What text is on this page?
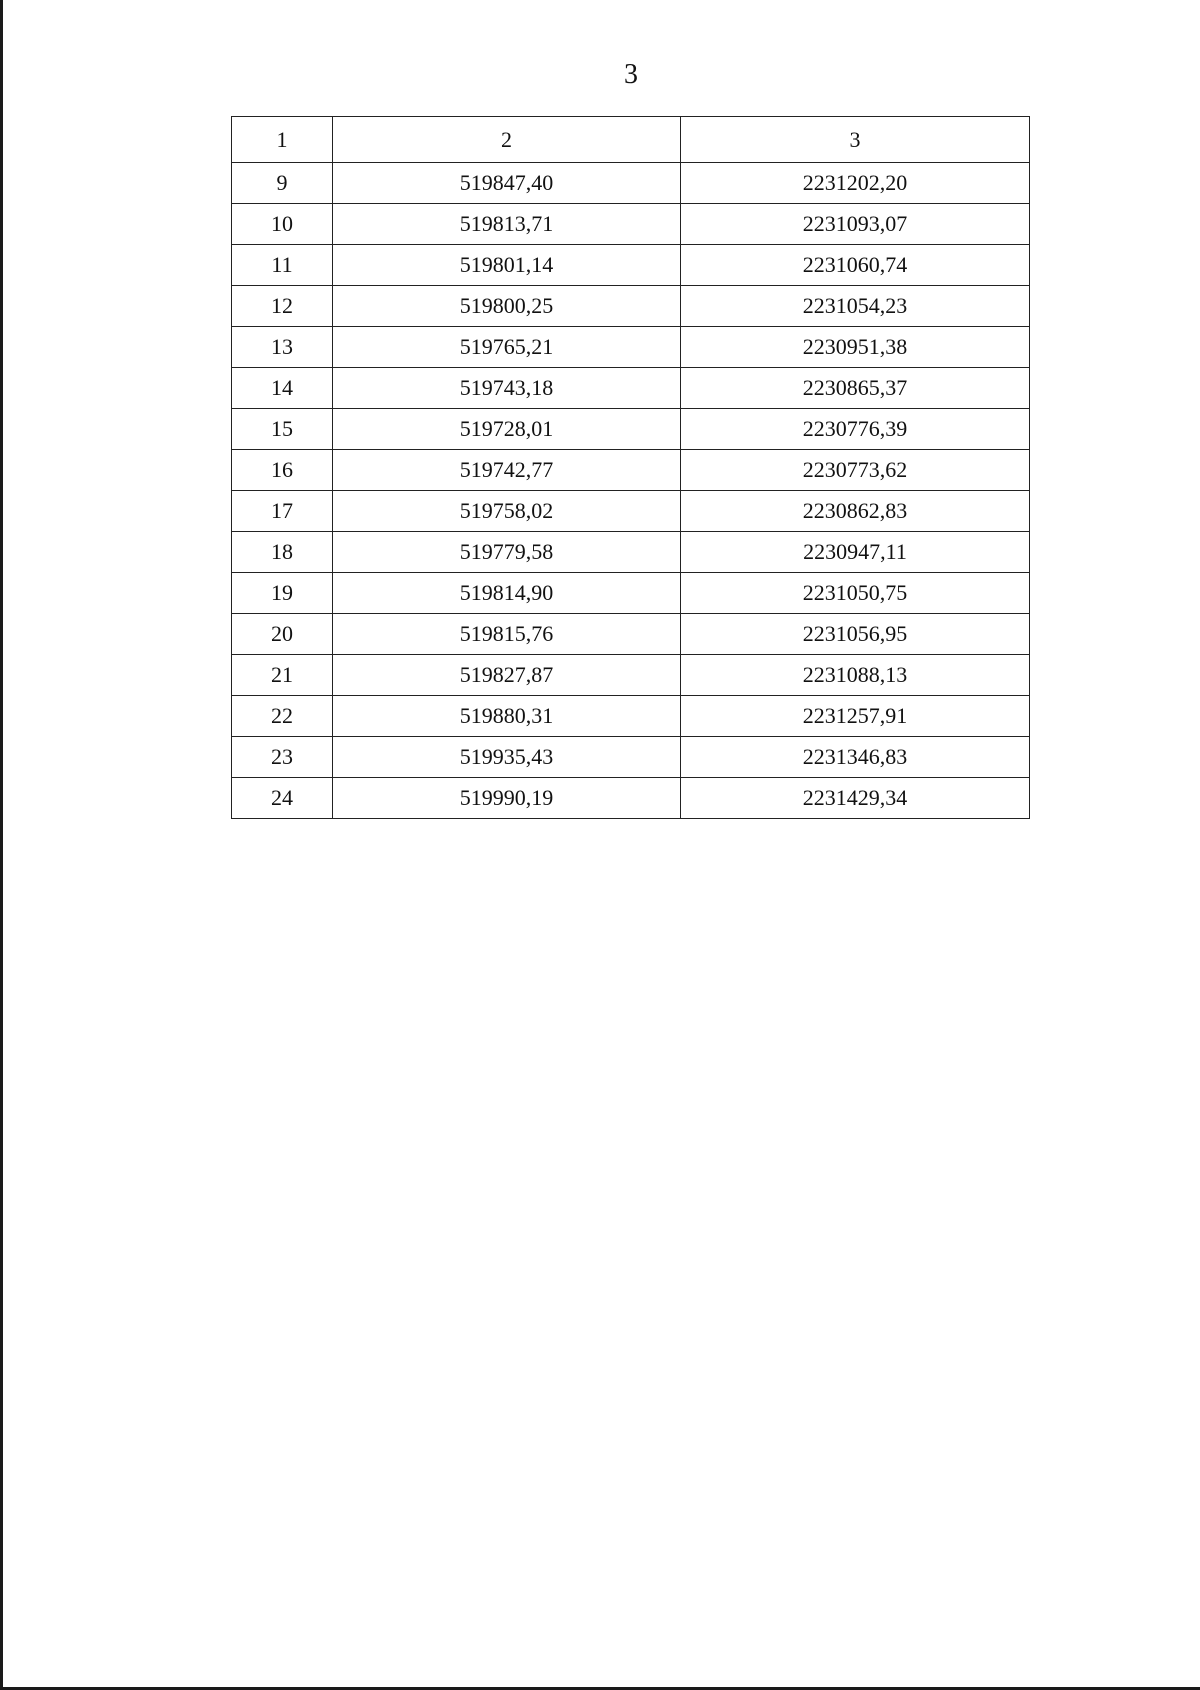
3
1	2	3
9	519847,40	2231202,20
10	519813,71	2231093,07
11	519801,14	2231060,74
12	519800,25	2231054,23
13	519765,21	2230951,38
14	519743,18	2230865,37
15	519728,01	2230776,39
16	519742,77	2230773,62
17	519758,02	2230862,83
18	519779,58	2230947,11
19	519814,90	2231050,75
20	519815,76	2231056,95
21	519827,87	2231088,13
22	519880,31	2231257,91
23	519935,43	2231346,83
24	519990,19	2231429,34
